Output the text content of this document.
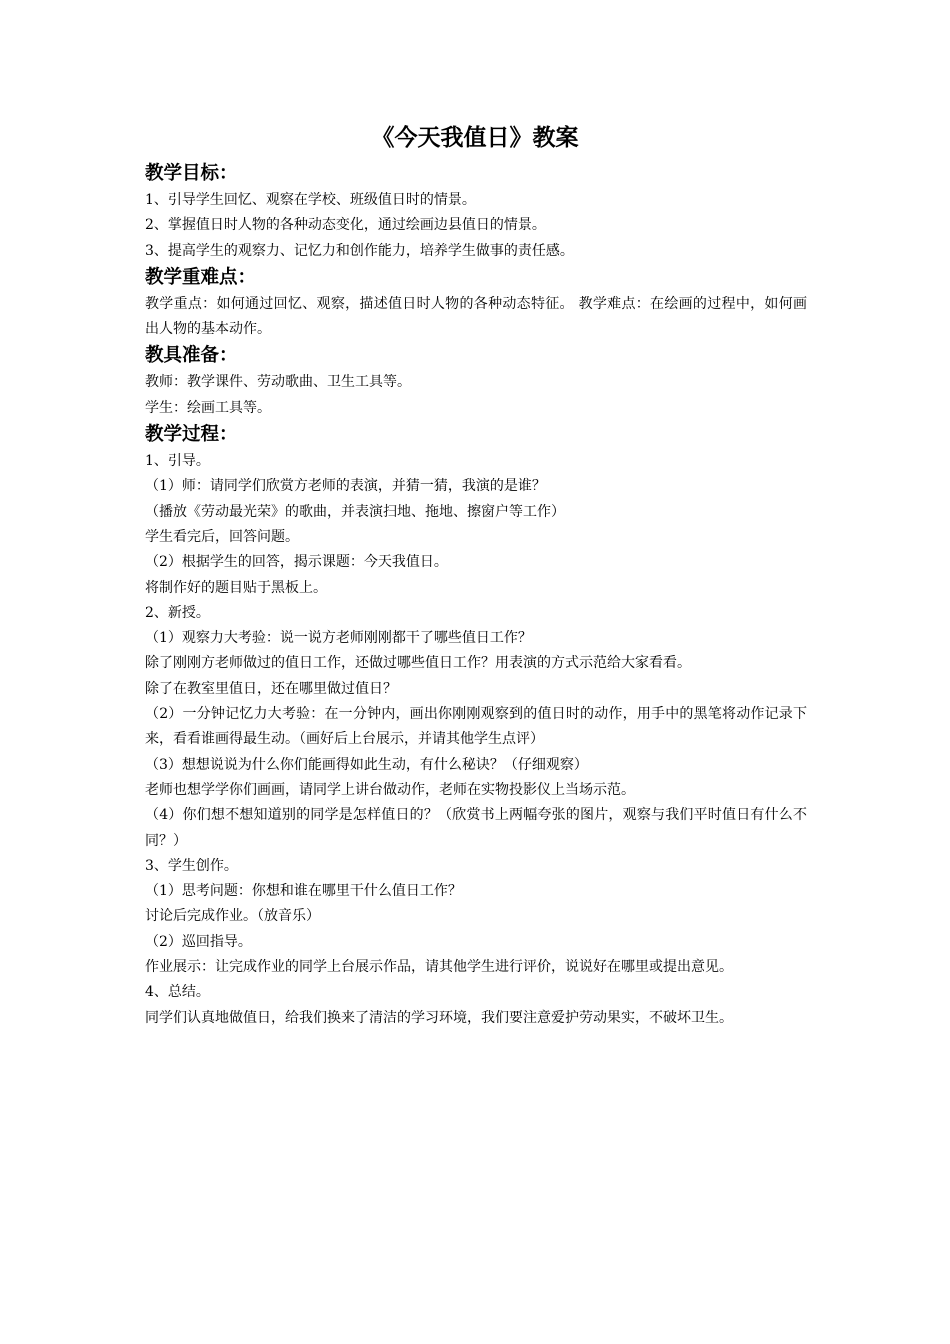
《今天我值日》教案
教学目标：
1、引导学生回忆、观察在学校、班级值日时的情景。
2、掌握值日时人物的各种动态变化，通过绘画边县值日的情景。
3、提高学生的观察力、记忆力和创作能力，培养学生做事的责任感。
教学重难点：
教学重点：如何通过回忆、观察，描述值日时人物的各种动态特征。 教学难点：在绘画的过程中，如何画出人物的基本动作。
教具准备：
教师：教学课件、劳动歌曲、卫生工具等。
学生：绘画工具等。
教学过程：
1、引导。
（1）师：请同学们欣赏方老师的表演，并猜一猜，我演的是谁？
（播放《劳动最光荣》的歌曲，并表演扫地、拖地、擦窗户等工作）
学生看完后，回答问题。
（2）根据学生的回答，揭示课题：今天我值日。
将制作好的题目贴于黑板上。
2、新授。
（1）观察力大考验：说一说方老师刚刚都干了哪些值日工作？
除了刚刚方老师做过的值日工作，还做过哪些值日工作？用表演的方式示范给大家看看。
除了在教室里值日，还在哪里做过值日？
（2）一分钟记忆力大考验：在一分钟内，画出你刚刚观察到的值日时的动作，用手中的黑笔将动作记录下来，看看谁画得最生动。（画好后上台展示，并请其他学生点评）
（3）想想说说为什么你们能画得如此生动，有什么秘诀？（仔细观察）
老师也想学学你们画画，请同学上讲台做动作，老师在实物投影仪上当场示范。
（4）你们想不想知道别的同学是怎样值日的？（欣赏书上两幅夸张的图片，观察与我们平时值日有什么不同？）
3、学生创作。
（1）思考问题：你想和谁在哪里干什么值日工作？
讨论后完成作业。（放音乐）
（2）巡回指导。
作业展示：让完成作业的同学上台展示作品，请其他学生进行评价，说说好在哪里或提出意见。
4、总结。
同学们认真地做值日，给我们换来了清洁的学习环境，我们要注意爱护劳动果实，不破坏卫生。
